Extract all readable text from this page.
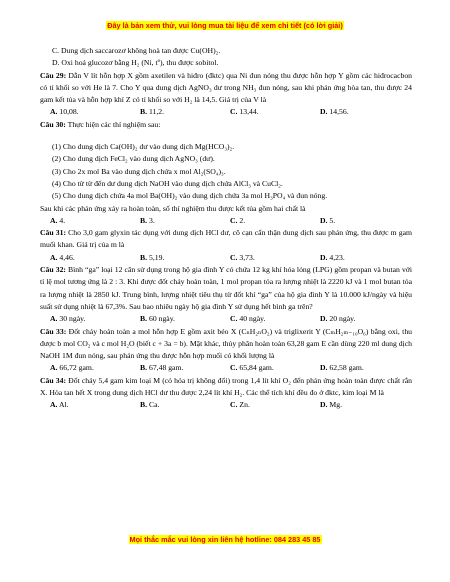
Đây là bản xem thử, vui lòng mua tài liệu để xem chi tiết (có lời giải)

C. Dung dịch saccarozơ không hoà tan được Cu(OH)₂.

D. Oxi hoá glucozơ bằng H₂ (Ni, tº), thu được sobitol.

Câu 29: Dẫn V lít hỗn hợp X gồm axetilen và hiđro (đktc) qua Ni đun nóng thu được hỗn hợp Y gồm các hiđrocacbon có tỉ khối so với He là 7. Cho Y qua dung dịch AgNO₃ dư trong NH₃ đun nóng, sau khi phản ứng hòa tan, thu được 24 gam kết tủa và hỗn hợp khí Z có tỉ khối so với H₂ là 14,5. Giá trị của V là

A. 10,08.	B. 11,2.	C. 13,44.	D. 14,56.

Câu 30: Thực hiện các thí nghiệm sau:

(1) Cho dung dịch Ca(OH)₂ dư vào dung dịch Mg(HCO₃)₂.

(2) Cho dung dịch FeCl₂ vào dung dịch AgNO₃ (dư).

(3) Cho 2x mol Ba vào dung dịch chứa x mol Al₂(SO₄)₃.

(4) Cho từ từ đến dư dung dịch NaOH vào dung dịch chứa AlCl₃ và CuCl₂.

(5) Cho dung dịch chứa 4a mol Ba(OH)₂ vào dung dịch chứa 3a mol H₃PO₄ và đun nóng.

Sau khi các phản ứng xảy ra hoàn toàn, số thí nghiệm thu được kết tủa gồm hai chất là

A. 4.	B. 3.	C. 2.	D. 5.

Câu 31: Cho 3,0 gam glyxin tác dụng với dung dịch HCl dư, cô cạn cẩn thận dung dịch sau phản ứng, thu được m gam muối khan. Giá trị của m là

A. 4,46.	B. 5,19.	C. 3,73.	D. 4,23.

Câu 32: Bình “ga” loại 12 cân sử dụng trong hộ gia đình Y có chứa 12 kg khí hóa lỏng (LPG) gồm propan và butan với tỉ lệ mol tương ứng là 2 : 3. Khi được đốt cháy hoàn toàn, 1 mol propan tỏa ra lượng nhiệt là 2220 kJ và 1 mol butan tỏa ra lượng nhiệt là 2850 kJ. Trung bình, lượng nhiệt tiêu thụ từ đốt khí “ga” của hộ gia đình Y là 10.000 kJ/ngày và hiệu suất sử dụng nhiệt là 67,3%. Sau bao nhiêu ngày hộ gia đình Y sử dụng hết bình ga trên?

A. 30 ngày.	B. 60 ngày.	C. 40 ngày.	D. 20 ngày.

Câu 33: Đốt cháy hoàn toàn a mol hỗn hợp E gồm axit béo X (CₙH₂ₙO₂) và triglixerit Y (CₘH₂ₘ₋₁₀O₆) bằng oxi, thu được b mol CO₂ và c mol H₂O (biết c + 3a = b). Mặt khác, thủy phân hoàn toàn 63,28 gam E cần dùng 220 ml dung dịch NaOH 1M đun nóng, sau phản ứng thu được hỗn hợp muối có khối lượng là

A. 66,72 gam.	B. 67,48 gam.	C. 65,84 gam.	D. 62,58 gam.

Câu 34: Đốt cháy 5,4 gam kim loại M (có hóa trị không đổi) trong 1,4 lít khí O₂ đến phản ứng hoàn toàn được chất rắn X. Hòa tan hết X trong dung dịch HCl dư thu được 2,24 lít khí H₂. Các thể tích khí đều đo ở đktc, kim loại M là

A. Al.	B. Ca.	C. Zn.	D. Mg.
Mọi thắc mắc vui lòng xin liên hệ hotline: 084 283 45 85
